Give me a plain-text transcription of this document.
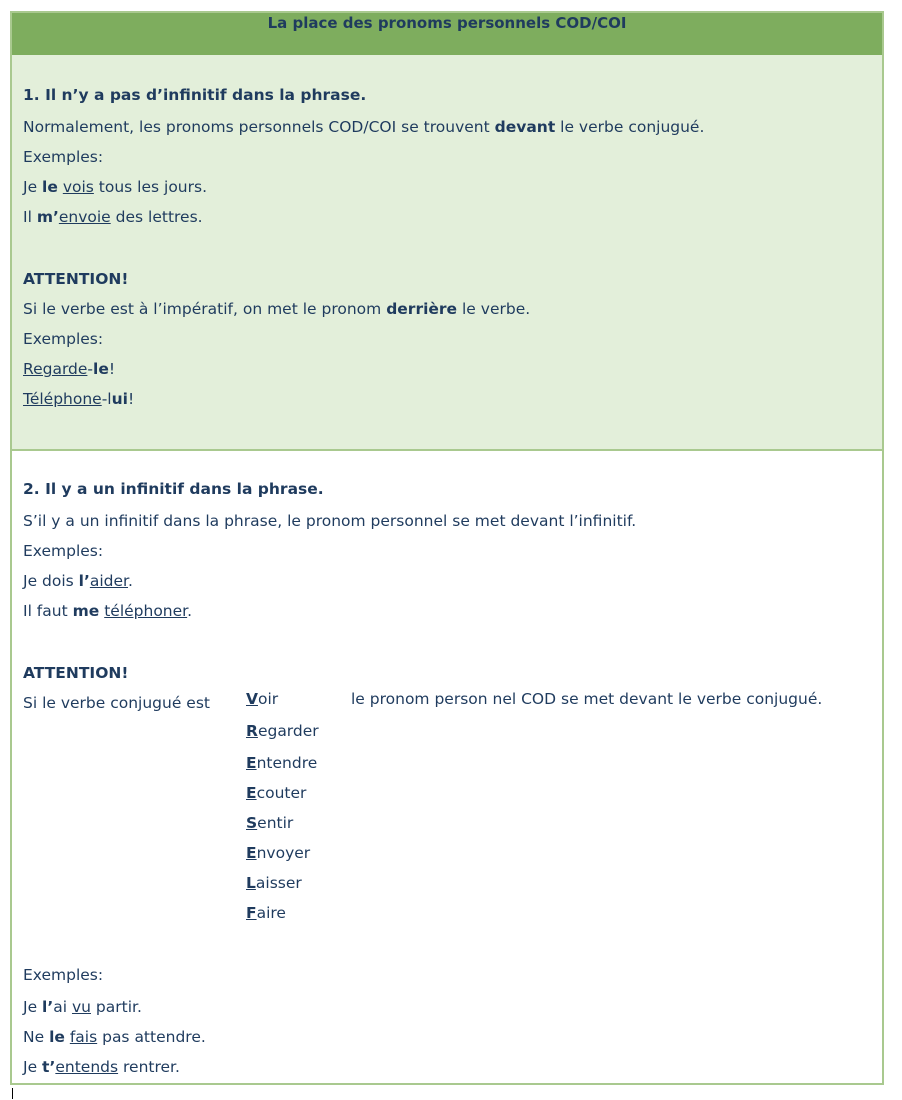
La place des pronoms personnels COD/COI
1. Il n’y a pas d’infinitif dans la phrase.
Normalement, les pronoms personnels COD/COI se trouvent devant le verbe conjugué.
Exemples:
Je le vois tous les jours.
Il m’envoie des lettres.
ATTENTION!
Si le verbe est à l’impératif, on met le pronom derrière le verbe.
Exemples:
Regarde-le!
Téléphone-lui!
2. Il y a un infinitif dans la phrase.
S’il y a un infinitif dans la phrase, le pronom personnel se met devant l’infinitif.
Exemples:
Je dois l’aider.
Il faut me téléphoner.
ATTENTION!
Si le verbe conjugué est	le pronom person nel COD se met devant le verbe conjugué.
Voir
Regarder
Entendre
Ecouter
Sentir
Envoyer
Laisser
Faire
Exemples:
Je l’ai vu partir.
Ne le fais pas attendre.
Je t’entends rentrer.
